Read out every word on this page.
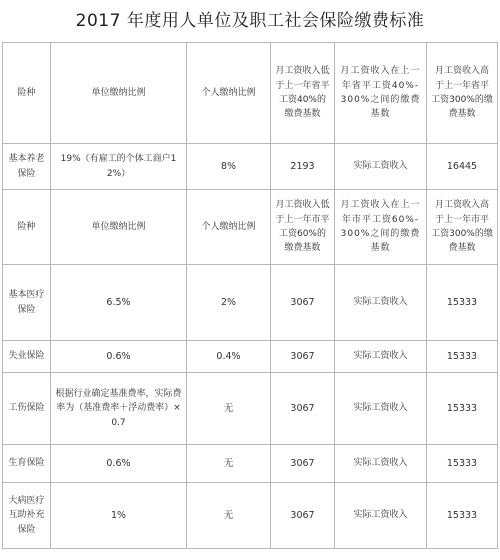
2017 年度用人单位及职工社会保险缴费标准
险种	单位缴纳比例	个人缴纳比例	月工资收入低于上一年省平工资40%的缴费基数	月工资收入在上一年省平工资40%-300%之间的缴费基数	月工资收入高于上一年省平工资300%的缴费基数
基本养老保险	19%（有雇工的个体工商户12%）	8%	2193	实际工资收入	16445
险种	单位缴纳比例	个人缴纳比例	月工资收入低于上一年市平工资60%的缴费基数	月工资收入在上一年市平工资60%-300%之间的缴费基数	月工资收入高于上一年市平工资300%的缴费基数
基本医疗保险	6.5%	2%	3067	实际工资收入	15333
失业保险	0.6%	0.4%	3067	实际工资收入	15333
工伤保险	根据行业确定基准费率，实际费率为（基准费率＋浮动费率）×0.7	无	3067	实际工资收入	15333
生育保险	0.6%	无	3067	实际工资收入	15333
大病医疗互助补充保险	1%	无	3067	实际工资收入	15333
